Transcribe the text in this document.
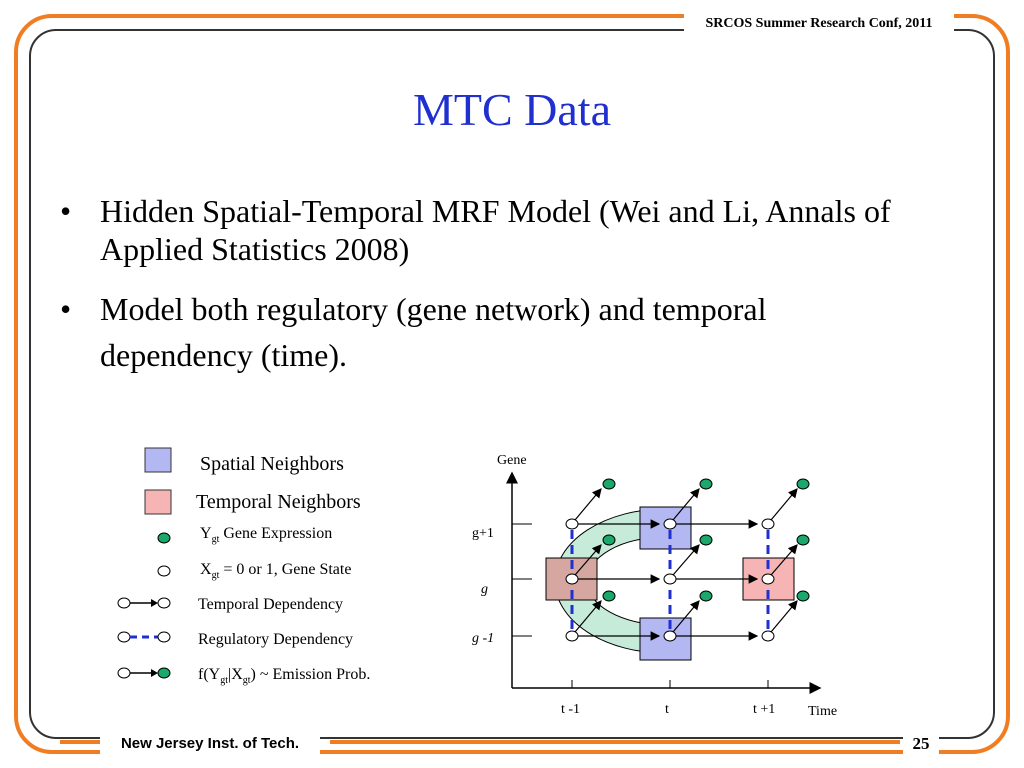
SRCOS Summer Research Conf, 2011
MTC Data
• Hidden Spatial-Temporal MRF Model (Wei and Li, Annals of Applied Statistics 2008)
• Model both regulatory (gene network) and temporal dependency (time).
Spatial Neighbors
Temporal Neighbors
$Y_{gt}$ Gene Expression
$X_{gt} = 0$ or 1, Gene State
Temporal Dependency
Regulatory Dependency
$f(Y_{gt}|X_{gt})$ ~ Emission Prob.
Gene
Time
g+1
g
g -1
t -1	t	t +1
New Jersey Inst. of Tech.	25
